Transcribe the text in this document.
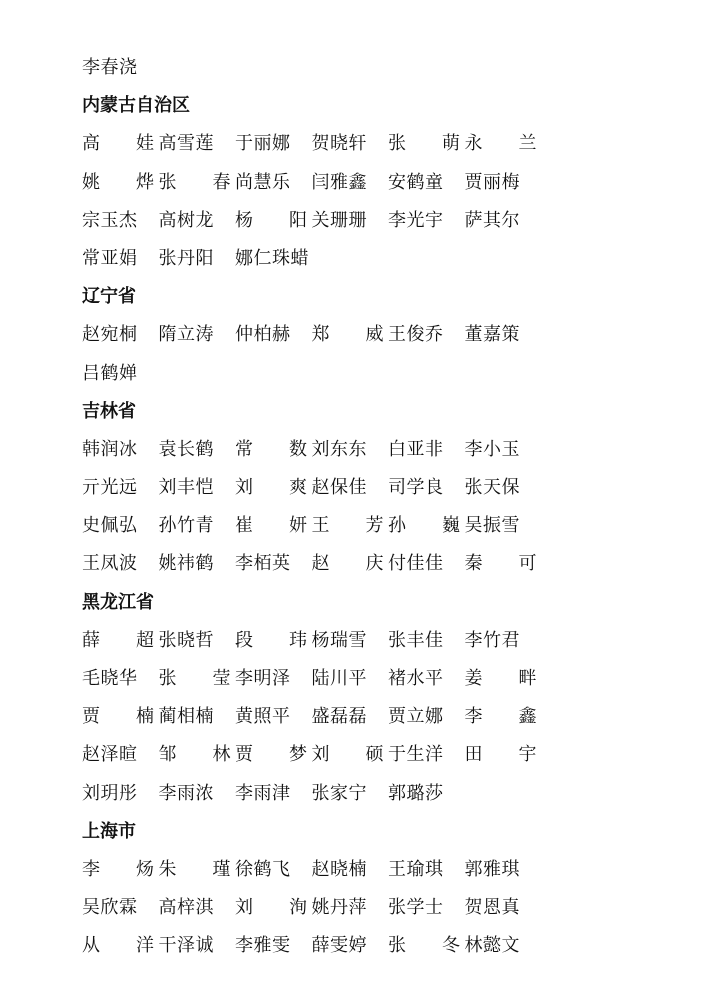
李春浇
内蒙古自治区
高 娃 高雪莲 于丽娜 贺晓轩 张 萌 永 兰
姚 烨 张 春 尚慧乐 闫雅鑫 安鹤童 贾丽梅
宗玉杰 高树龙 杨 阳 关珊珊 李光宇 萨其尔
常亚娟 张丹阳 娜仁珠蜡
辽宁省
赵宛桐 隋立涛 仲柏赫 郑 威 王俊乔 董嘉策
吕鹤婵
吉林省
韩润冰 袁长鹤 常 数 刘东东 白亚非 李小玉
亓光远 刘丰恺 刘 爽 赵保佳 司学良 张天保
史佩弘 孙竹青 崔 妍 王 芳 孙 巍 吴振雪
王凤波 姚祎鹤 李栢英 赵 庆 付佳佳 秦 可
黑龙江省
薛 超 张晓哲 段 玮 杨瑞雪 张丰佳 李竹君
毛晓华 张 莹 李明泽 陆川平 褚水平 姜 畔
贾 楠 蔺相楠 黄照平 盛磊磊 贾立娜 李 鑫
赵泽暄 邹 林 贾 梦 刘 硕 于生洋 田 宇
刘玥彤 李雨浓 李雨津 张家宁 郭璐莎
上海市
李 炀 朱 瑾 徐鹤飞 赵晓楠 王瑜琪 郭雅琪
吴欣霖 高梓淇 刘 洵 姚丹萍 张学士 贺恩真
从 洋 干泽诚 李雅雯 薛雯婷 张 冬 林懿文
